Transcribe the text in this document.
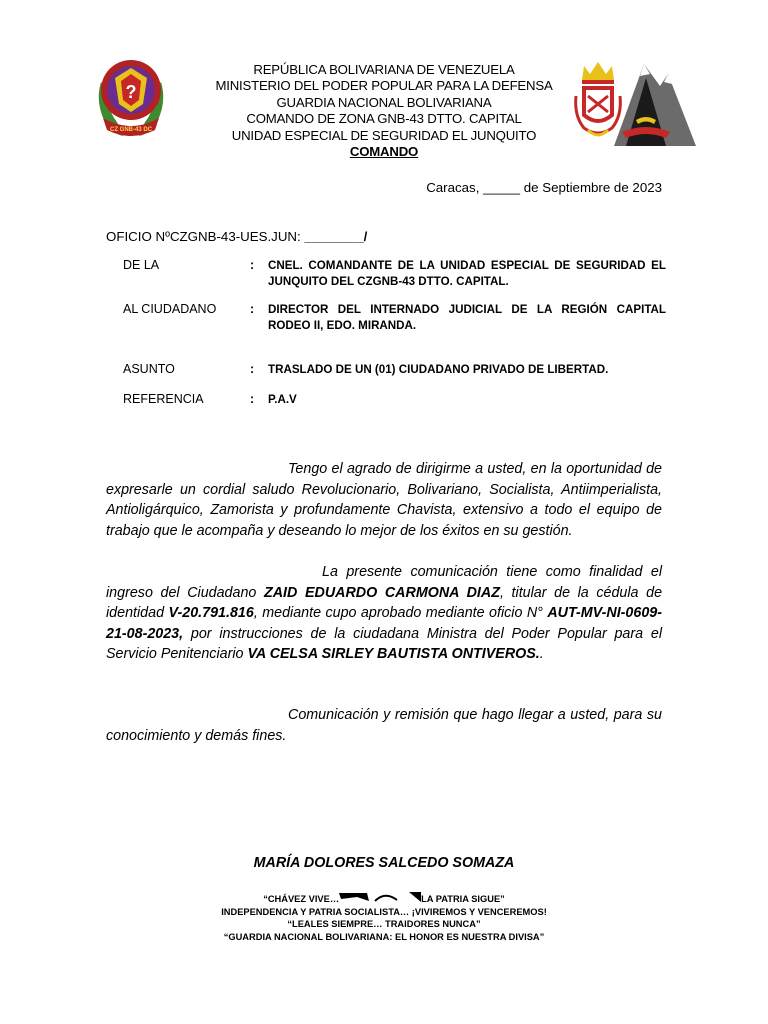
?
CZ GNB-43 DC
REPÚBLICA BOLIVARIANA DE VENEZUELA
MINISTERIO DEL PODER POPULAR PARA LA DEFENSA
GUARDIA NACIONAL BOLIVARIANA
COMANDO DE ZONA GNB-43 DTTO. CAPITAL
UNIDAD ESPECIAL DE SEGURIDAD EL JUNQUITO
COMANDO
Caracas, _____ de Septiembre de 2023
OFICIO NºCZGNB-43-UES.JUN: ________/
DE LA	: CNEL. COMANDANTE DE LA UNIDAD ESPECIAL DE SEGURIDAD EL JUNQUITO DEL CZGNB-43 DTTO. CAPITAL.
AL CIUDADANO	: DIRECTOR DEL INTERNADO JUDICIAL DE LA REGIÓN CAPITAL RODEO II, EDO. MIRANDA.
ASUNTO	: TRASLADO DE UN (01) CIUDADANO PRIVADO DE LIBERTAD.
REFERENCIA	: P.A.V
Tengo el agrado de dirigirme a usted, en la oportunidad de expresarle un cordial saludo Revolucionario, Bolivariano, Socialista, Antiimperialista, Antioligárquico, Zamorista y profundamente Chavista, extensivo a todo el equipo de trabajo que le acompaña y deseando lo mejor de los éxitos en su gestión.
La presente comunicación tiene como finalidad el ingreso del Ciudadano ZAID EDUARDO CARMONA DIAZ, titular de la cédula de identidad V-20.791.816, mediante cupo aprobado mediante oficio N° AUT-MV-NI-0609-21-08-2023, por instrucciones de la ciudadana Ministra del Poder Popular para el Servicio Penitenciario VA CELSA SIRLEY BAUTISTA ONTIVEROS..
Comunicación y remisión que hago llegar a usted, para su conocimiento y demás fines.
MARÍA DOLORES SALCEDO SOMAZA
“CHÁVEZ VIVE…	LA PATRIA SIGUE”
INDEPENDENCIA Y PATRIA SOCIALISTA… ¡VIVIREMOS Y VENCEREMOS!
“LEALES SIEMPRE… TRAIDORES NUNCA”
“GUARDIA NACIONAL BOLIVARIANA: EL HONOR ES NUESTRA DIVISA”
